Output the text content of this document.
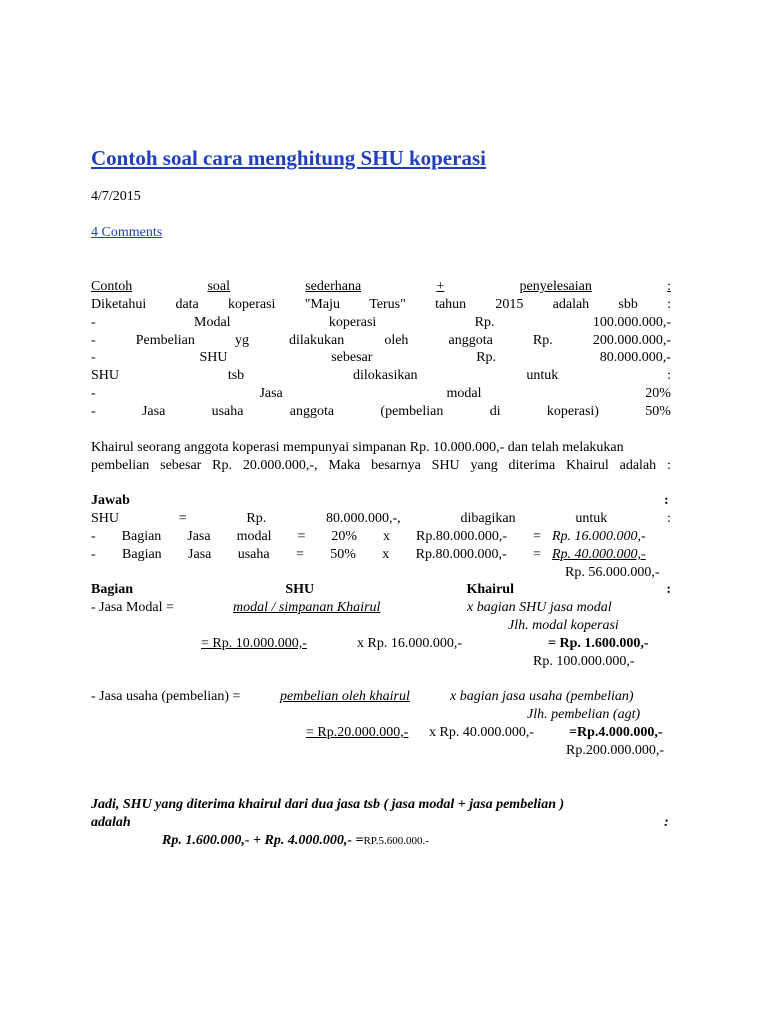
Contoh soal cara menghitung SHU koperasi
4/7/2015
4 Comments
Contoh	soal	sederhana	+	penyelesaian	:
Diketahui data koperasi "Maju Terus" tahun 2015 adalah sbb :
-	Modal	koperasi	Rp.	100.000.000,-
-	Pembelian	yg	dilakukan	oleh	anggota	Rp.	200.000.000,-
-	SHU	sebesar	Rp.	80.000.000,-
SHU	tsb	dilokasikan	untuk	:
-	Jasa	modal	20%
-	Jasa	usaha	anggota	(pembelian	di	koperasi)	50%
Khairul seorang anggota koperasi mempunyai simpanan Rp. 10.000.000,- dan telah melakukan
pembelian sebesar Rp. 20.000.000,-, Maka besarnya SHU yang diterima Khairul adalah :
Jawab	:
SHU	=	Rp.	80.000.000,-,	dibagikan	untuk	:
- Bagian Jasa modal = 20% x Rp.80.000.000,- = Rp. 16.000.000,-
- Bagian Jasa usaha = 50% x Rp.80.000.000,- = Rp. 40.000.000,-
Rp. 56.000.000,-
Bagian	SHU	Khairul	:
- Jasa Modal =	modal / simpanan Khairul	x bagian SHU jasa modal
Jlh. modal koperasi
= Rp. 10.000.000,-	x Rp. 16.000.000,-	= Rp. 1.600.000,-
Rp. 100.000.000,-
- Jasa usaha (pembelian) =	pembelian oleh khairul	x bagian jasa usaha (pembelian)
Jlh. pembelian (agt)
= Rp.20.000.000,- x Rp. 40.000.000,-	=Rp.4.000.000,-
Rp.200.000.000,-
Jadi, SHU yang diterima khairul dari dua jasa tsb ( jasa modal + jasa pembelian )
adalah	:
Rp. 1.600.000,- + Rp. 4.000.000,- =RP.5.600.000.-
